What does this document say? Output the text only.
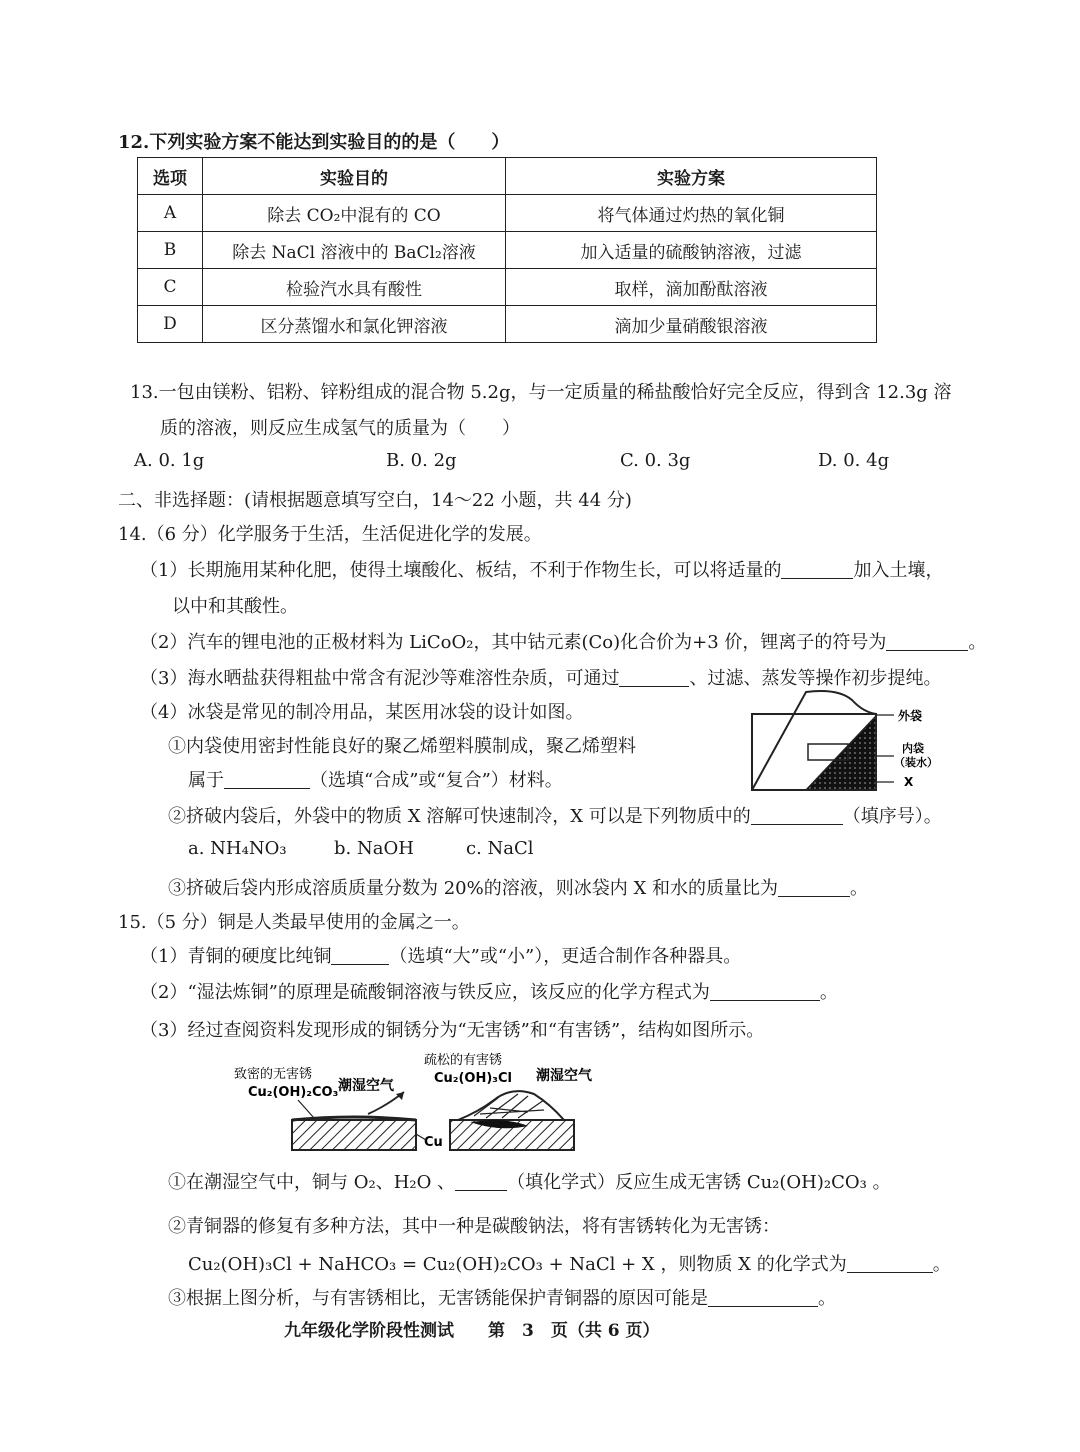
12.下列实验方案不能达到实验目的的是（　　）
选项	实验目的	实验方案
A	除去 CO₂中混有的 CO	将气体通过灼热的氧化铜
B	除去 NaCl 溶液中的 BaCl₂溶液	加入适量的硫酸钠溶液，过滤
C	检验汽水具有酸性	取样，滴加酚酞溶液
D	区分蒸馏水和氯化钾溶液	滴加少量硝酸银溶液
13.一包由镁粉、铝粉、锌粉组成的混合物 5.2g，与一定质量的稀盐酸恰好完全反应，得到含 12.3g 溶
质的溶液，则反应生成氢气的质量为（　　）
A. 0. 1g	B. 0. 2g	C. 0. 3g	D. 0. 4g
二、非选择题：(请根据题意填写空白，14～22 小题，共 44 分)
14.（6 分）化学服务于生活，生活促进化学的发展。
（1）长期施用某种化肥，使得土壤酸化、板结，不利于作物生长，可以将适量的	加入土壤，
以中和其酸性。
（2）汽车的锂电池的正极材料为 LiCoO₂，其中钴元素(Co)化合价为+3 价，锂离子的符号为	。
（3）海水晒盐获得粗盐中常含有泥沙等难溶性杂质，可通过	、过滤、蒸发等操作初步提纯。
（4）冰袋是常见的制冷用品，某医用冰袋的设计如图。
①内袋使用密封性能良好的聚乙烯塑料膜制成，聚乙烯塑料
属于	（选填“合成”或“复合”）材料。
②挤破内袋后，外袋中的物质 X 溶解可快速制冷，X 可以是下列物质中的	（填序号）。
a. NH₄NO₃	b. NaOH	c. NaCl
③挤破后袋内形成溶质质量分数为 20%的溶液，则冰袋内 X 和水的质量比为	。
外袋
内袋
（装水）
X
15.（5 分）铜是人类最早使用的金属之一。
（1）青铜的硬度比纯铜	（选填“大”或“小”），更适合制作各种器具。
（2）“湿法炼铜”的原理是硫酸铜溶液与铁反应，该反应的化学方程式为	。
（3）经过查阅资料发现形成的铜锈分为“无害锈”和“有害锈”，结构如图所示。
致密的无害锈
Cu₂(OH)₂CO₃ 潮湿空气
疏松的有害锈
Cu₂(OH)₃Cl 潮湿空气
Cu
①在潮湿空气中，铜与 O₂、H₂O 、	（填化学式）反应生成无害锈 Cu₂(OH)₂CO₃ 。
②青铜器的修复有多种方法，其中一种是碳酸钠法，将有害锈转化为无害锈：
Cu₂(OH)₃Cl + NaHCO₃ = Cu₂(OH)₂CO₃ + NaCl + X ，则物质 X 的化学式为	。
③根据上图分析，与有害锈相比，无害锈能保护青铜器的原因可能是	。
九年级化学阶段性测试　　第　3　页（共 6 页）
